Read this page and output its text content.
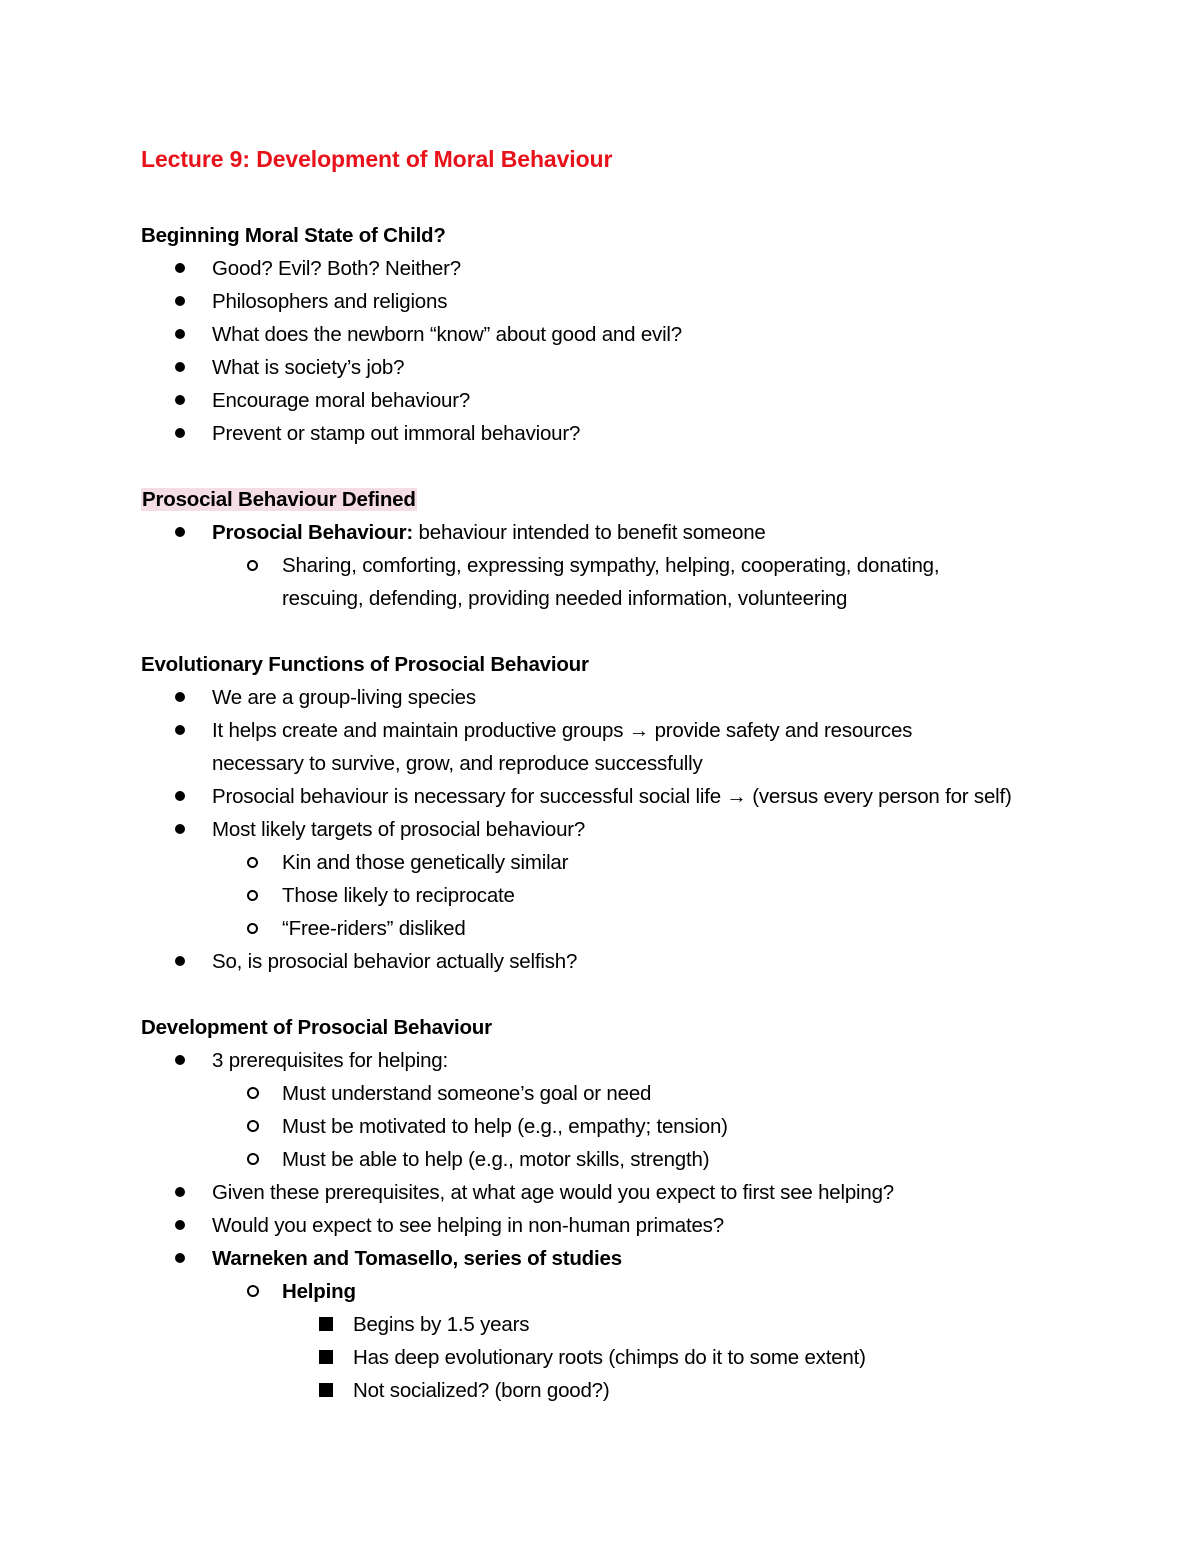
Lecture 9: Development of Moral Behaviour
Beginning Moral State of Child?
Good? Evil? Both? Neither?
Philosophers and religions
What does the newborn “know” about good and evil?
What is society’s job?
Encourage moral behaviour?
Prevent or stamp out immoral behaviour?
Prosocial Behaviour Defined
Prosocial Behaviour: behaviour intended to benefit someone
Sharing, comforting, expressing sympathy, helping, cooperating, donating,
rescuing, defending, providing needed information, volunteering
Evolutionary Functions of Prosocial Behaviour
We are a group-living species
It helps create and maintain productive groups → provide safety and resources
necessary to survive, grow, and reproduce successfully
Prosocial behaviour is necessary for successful social life → (versus every person for self)
Most likely targets of prosocial behaviour?
Kin and those genetically similar
Those likely to reciprocate
“Free-riders” disliked
So, is prosocial behavior actually selfish?
Development of Prosocial Behaviour
3 prerequisites for helping:
Must understand someone’s goal or need
Must be motivated to help (e.g., empathy; tension)
Must be able to help (e.g., motor skills, strength)
Given these prerequisites, at what age would you expect to first see helping?
Would you expect to see helping in non-human primates?
Warneken and Tomasello, series of studies
Helping
Begins by 1.5 years
Has deep evolutionary roots (chimps do it to some extent)
Not socialized? (born good?)
